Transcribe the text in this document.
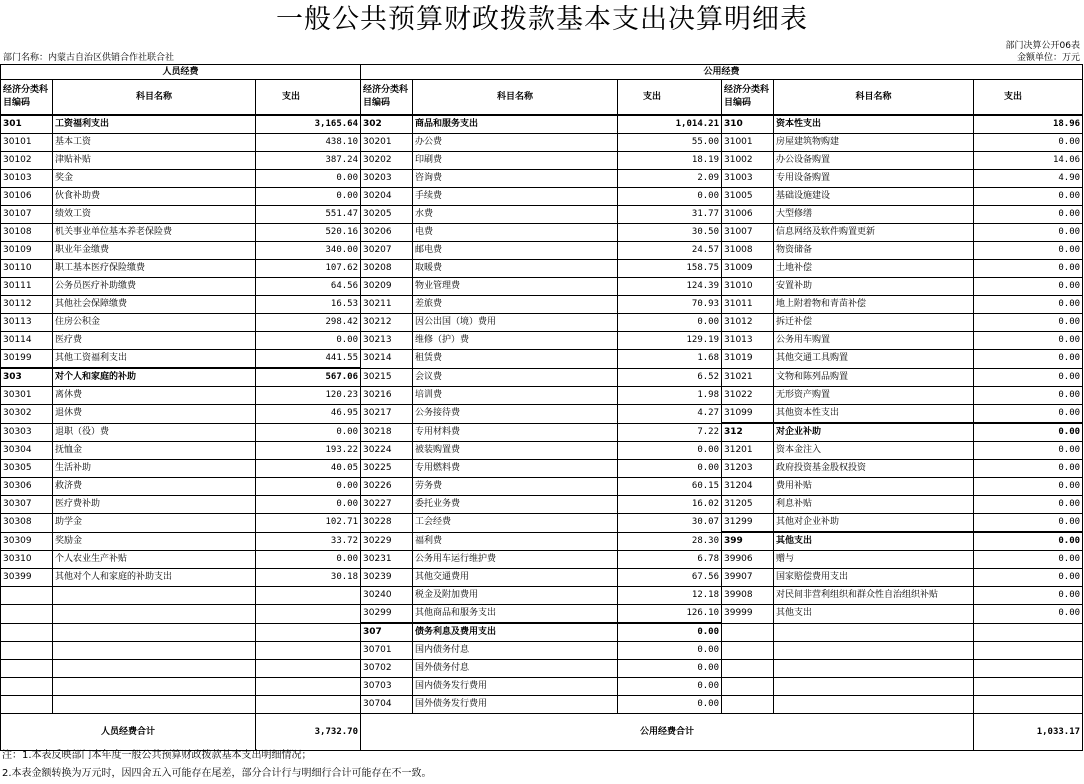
一般公共预算财政拨款基本支出决算明细表
部门决算公开06表
部门名称：内蒙古自治区供销合作社联合社	金额单位：万元
人员经费			公用经费					
经济分类科目编码	科目名称	支出	经济分类科目编码	科目名称	支出	经济分类科目编码	科目名称	支出
301	工资福利支出	3,165.64	302	商品和服务支出	1,014.21	310	资本性支出	18.96
30101	基本工资	438.10	30201	办公费	55.00	31001	房屋建筑物购建	0.00
30102	津贴补贴	387.24	30202	印刷费	18.19	31002	办公设备购置	14.06
30103	奖金	0.00	30203	咨询费	2.09	31003	专用设备购置	4.90
30106	伙食补助费	0.00	30204	手续费	0.00	31005	基础设施建设	0.00
30107	绩效工资	551.47	30205	水费	31.77	31006	大型修缮	0.00
30108	机关事业单位基本养老保险费	520.16	30206	电费	30.50	31007	信息网络及软件购置更新	0.00
30109	职业年金缴费	340.00	30207	邮电费	24.57	31008	物资储备	0.00
30110	职工基本医疗保险缴费	107.62	30208	取暖费	158.75	31009	土地补偿	0.00
30111	公务员医疗补助缴费	64.56	30209	物业管理费	124.39	31010	安置补助	0.00
30112	其他社会保障缴费	16.53	30211	差旅费	70.93	31011	地上附着物和青苗补偿	0.00
30113	住房公积金	298.42	30212	因公出国（境）费用	0.00	31012	拆迁补偿	0.00
30114	医疗费	0.00	30213	维修（护）费	129.19	31013	公务用车购置	0.00
30199	其他工资福利支出	441.55	30214	租赁费	1.68	31019	其他交通工具购置	0.00
303	对个人和家庭的补助	567.06	30215	会议费	6.52	31021	文物和陈列品购置	0.00
30301	离休费	120.23	30216	培训费	1.98	31022	无形资产购置	0.00
30302	退休费	46.95	30217	公务接待费	4.27	31099	其他资本性支出	0.00
30303	退职（役）费	0.00	30218	专用材料费	7.22	312	对企业补助	0.00
30304	抚恤金	193.22	30224	被装购置费	0.00	31201	资本金注入	0.00
30305	生活补助	40.05	30225	专用燃料费	0.00	31203	政府投资基金股权投资	0.00
30306	救济费	0.00	30226	劳务费	60.15	31204	费用补贴	0.00
30307	医疗费补助	0.00	30227	委托业务费	16.02	31205	利息补贴	0.00
30308	助学金	102.71	30228	工会经费	30.07	31299	其他对企业补助	0.00
30309	奖励金	33.72	30229	福利费	28.30	399	其他支出	0.00
30310	个人农业生产补贴	0.00	30231	公务用车运行维护费	6.78	39906	赠与	0.00
30399	其他对个人和家庭的补助支出	30.18	30239	其他交通费用	67.56	39907	国家赔偿费用支出	0.00
			30240	税金及附加费用	12.18	39908	对民间非营利组织和群众性自治组织补贴	0.00
			30299	其他商品和服务支出	126.10	39999	其他支出	0.00
			307	债务利息及费用支出	0.00			
			30701	国内债务付息	0.00			
			30702	国外债务付息	0.00			
			30703	国内债务发行费用	0.00			
			30704	国外债务发行费用	0.00			
人员经费合计		3,732.70	公用经费合计					1,033.17
注：1.本表反映部门本年度一般公共预算财政拨款基本支出明细情况；
2.本表金额转换为万元时，因四舍五入可能存在尾差，部分合计行与明细行合计可能存在不一致。
